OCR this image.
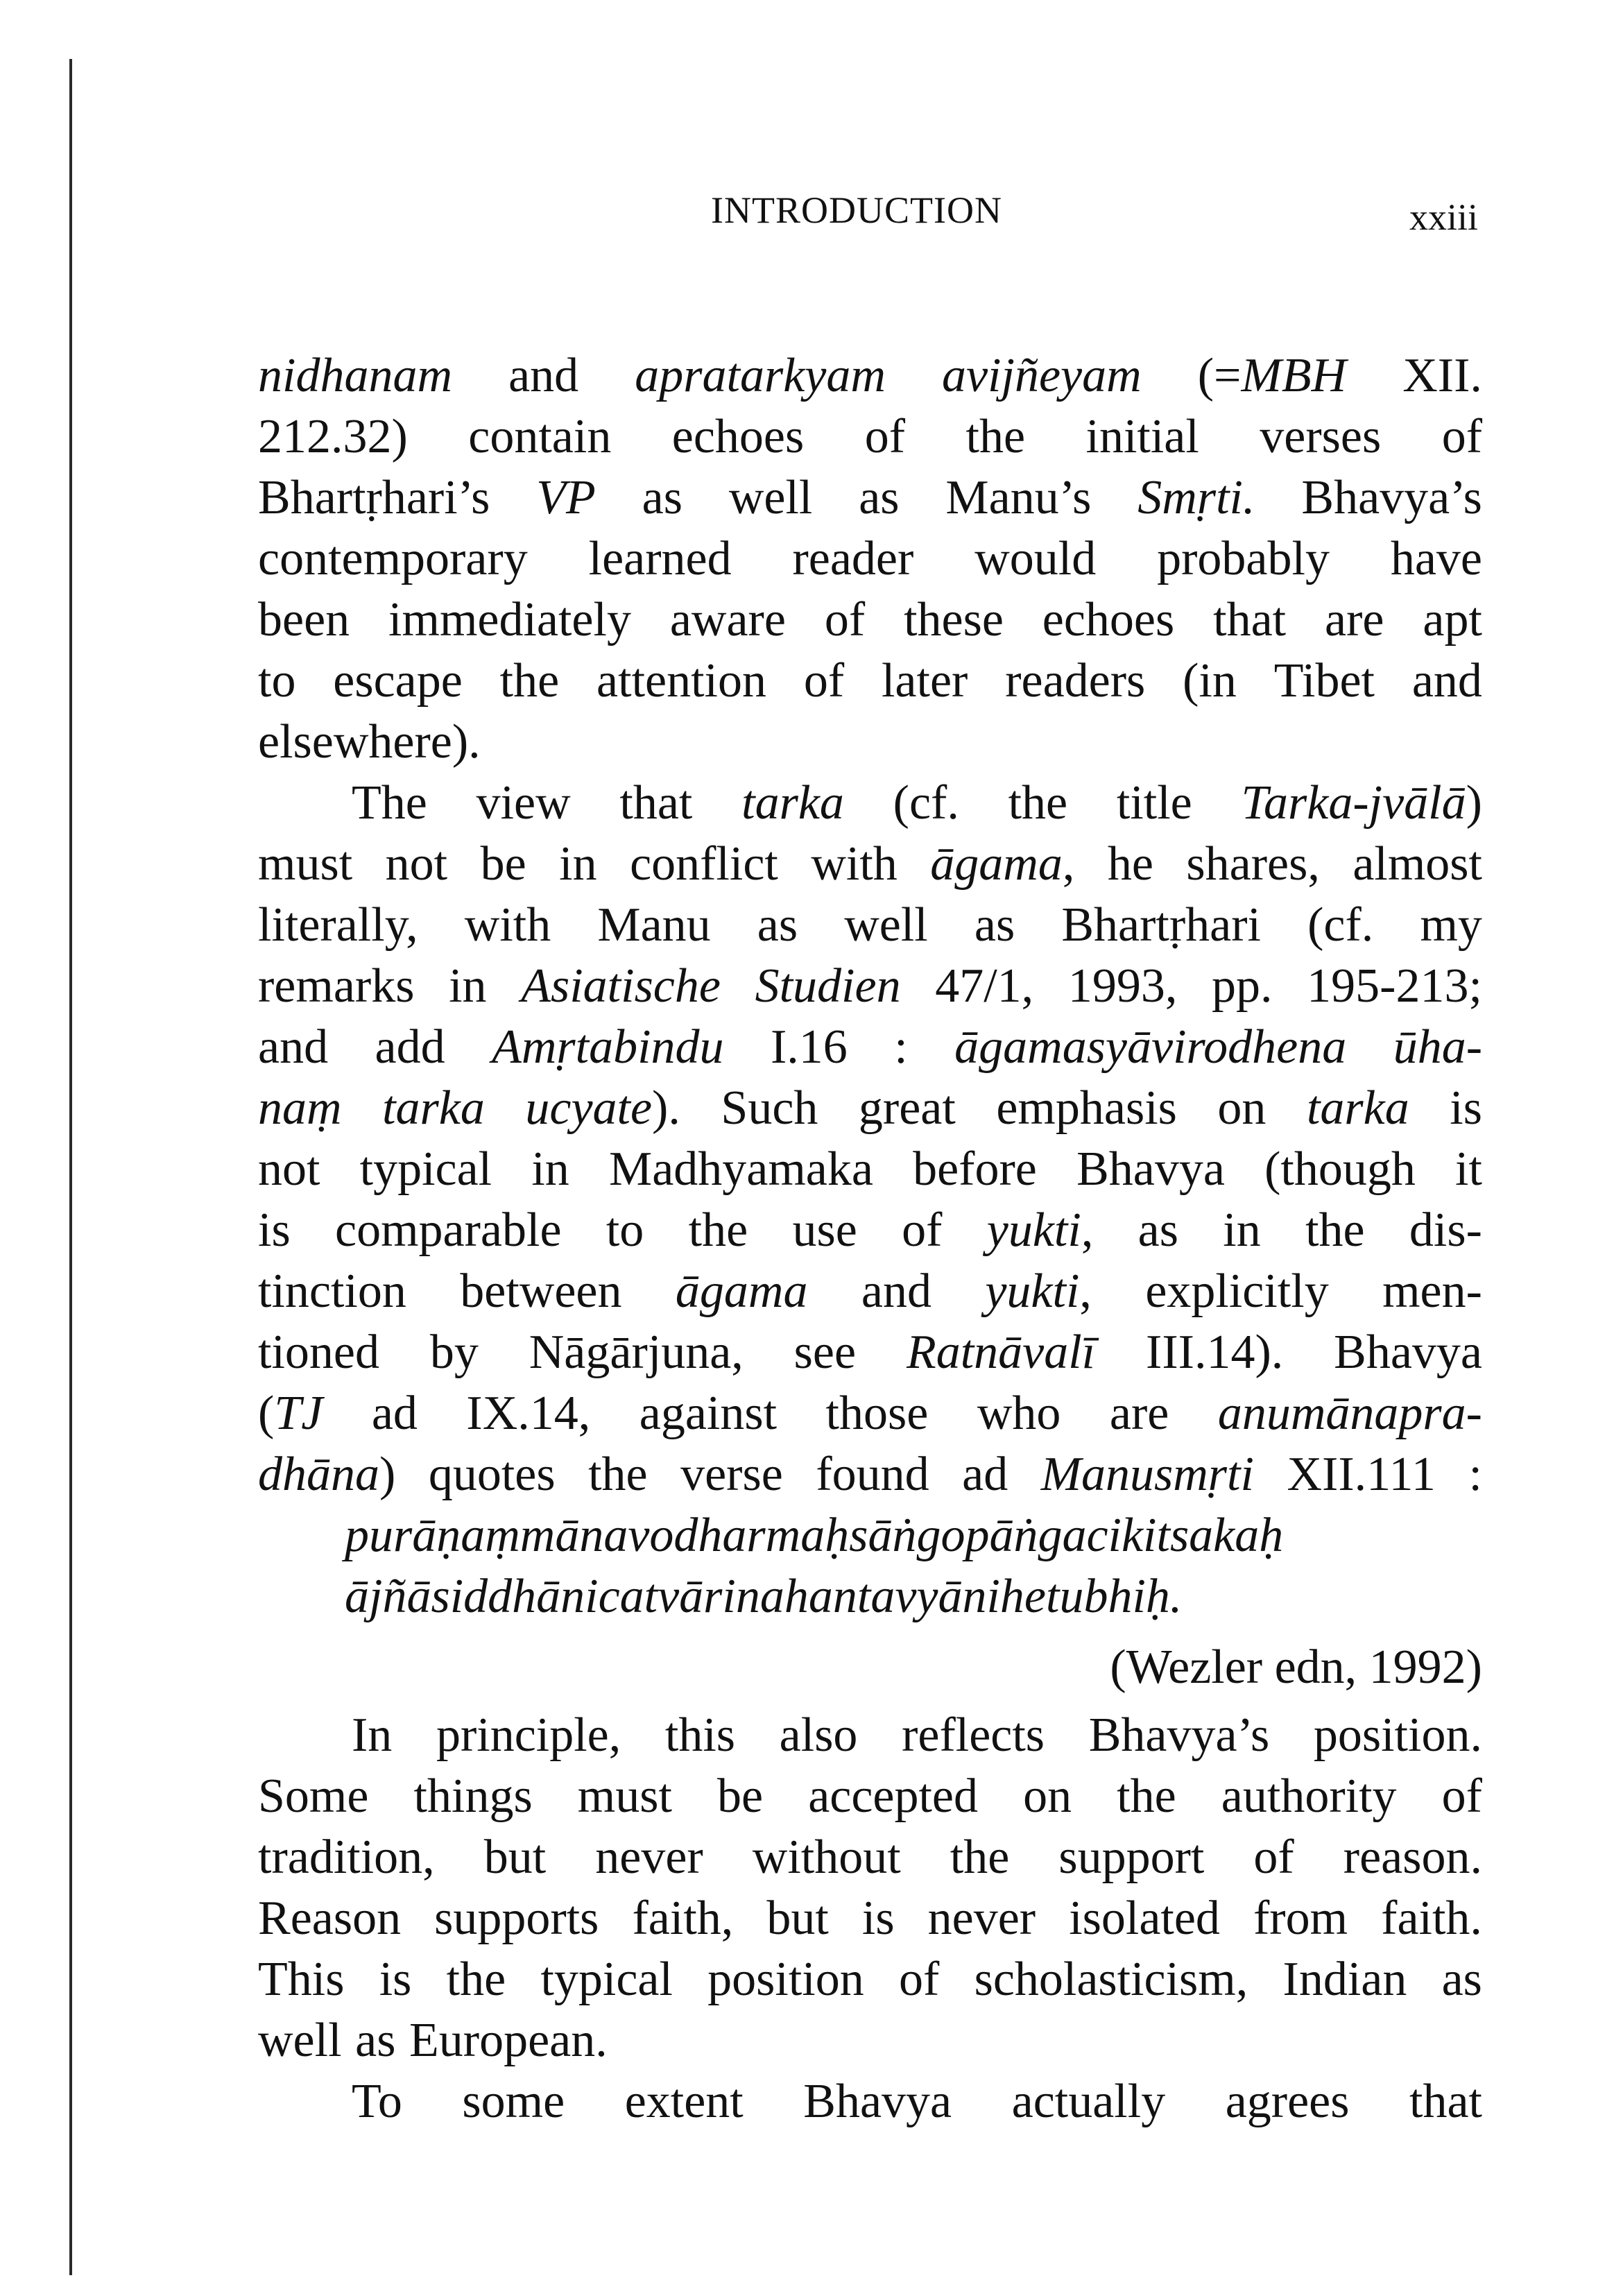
INTRODUCTION	xxiii
nidhanam and apratarkyam avijñeyam (=MBH XII.
212.32) contain echoes of the initial verses of
Bhartṛhari’s VP as well as Manu’s Smṛti. Bhavya’s
contemporary learned reader would probably have
been immediately aware of these echoes that are apt
to escape the attention of later readers (in Tibet and
elsewhere).
The view that tarka (cf. the title Tarka-jvālā)
must not be in conflict with āgama, he shares, almost
literally, with Manu as well as Bhartṛhari (cf. my
remarks in Asiatische Studien 47/1, 1993, pp. 195-213;
and add Amṛtabindu I.16 : āgamasyāvirodhena ūha-
naṃ tarka ucyate). Such great emphasis on tarka is
not typical in Madhyamaka before Bhavya (though it
is comparable to the use of yukti, as in the dis-
tinction between āgama and yukti, explicitly men-
tioned by Nāgārjuna, see Ratnāvalī III.14). Bhavya
(TJ ad IX.14, against those who are anumānapra-
dhāna) quotes the verse found ad Manusmṛti XII.111 :
purāṇaṃ mānavo dharmaḥ sāṅgopāṅgacikitsakaḥ
ājñāsiddhāni catvāri na hantavyāni hetubhiḥ.
(Wezler edn, 1992)
In principle, this also reflects Bhavya’s position.
Some things must be accepted on the authority of
tradition, but never without the support of reason.
Reason supports faith, but is never isolated from faith.
This is the typical position of scholasticism, Indian as
well as European.
To some extent Bhavya actually agrees that
